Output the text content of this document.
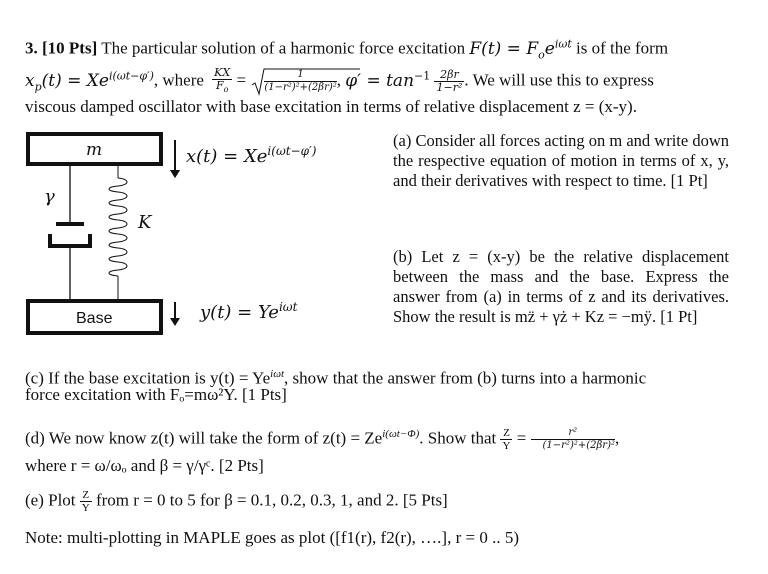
3. [10 Pts] The particular solution of a harmonic force excitation $F(t) = F_oe^{i\omega t}$ is of the form
$x_p(t) = Xe^{i(\omega t-\varphi')}$, where $\frac{KX}{F_o} = \frac{1}{\text{(1−r²)²+(2βr)²}}$ , $\varphi' = \tan^{-1} \frac{2\beta r}{\text{1−r²}}$ . We will use this to express
viscous damped oscillator with base excitation in terms of relative displacement z = (x-y).
m
Base
γ
K
$x(t) = Xe^{i(\omega t-\varphi')}$
$y(t) = Ye^{i\omega t}$
(a) Consider all forces acting on m and write down the respective equation of motion in terms of x, y, and their derivatives with respect to time. [1 Pt]
(b) Let z = (x-y) be the relative displacement between the mass and the base. Express the answer from (a) in terms of z and its derivatives. Show the result is mz̈ + γż + Kz = −mÿ. [1 Pt]
(c) If the base excitation is $y(t) = Ye^{i\omega t}$, show that the answer from (b) turns into a harmonic
force excitation with Fₒ=mω²Y. [1 Pts]
(d) We now know z(t) will take the form of $z(t) = Ze^{i(\omega t-\Phi)}$. Show that $\frac{Z}{Y} = \frac{\text{r²}}{\text{(1−r²)²+(2βr)²}}$ ,
where r = ω/ωₒ and β = γ/γᶜ. [2 Pts]
(e) Plot $\frac{Z}{Y}$ from r = 0 to 5 for β = 0.1, 0.2, 0.3, 1, and 2. [5 Pts]
Note: multi-plotting in MAPLE goes as plot ([f1(r), f2(r), ….], r = 0 .. 5)
